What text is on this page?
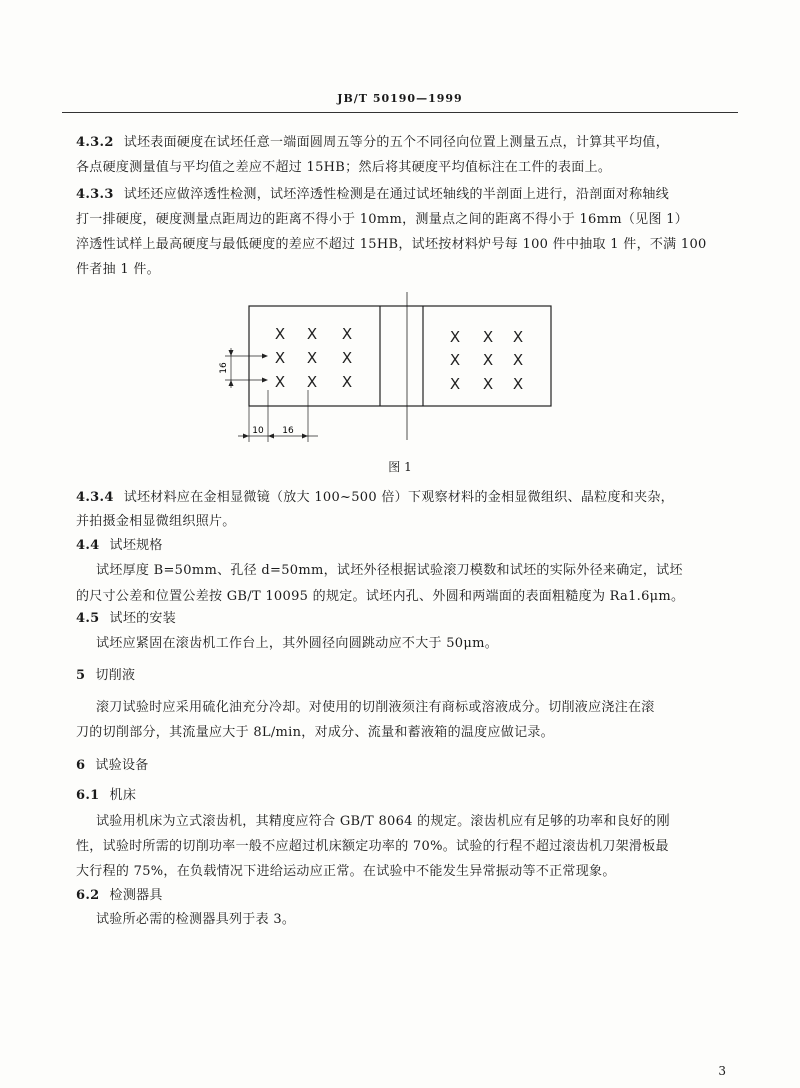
JB/T 50190—1999
4.3.2 试坯表面硬度在试坯任意一端面圆周五等分的五个不同径向位置上测量五点，计算其平均值，
各点硬度测量值与平均值之差应不超过 15HB；然后将其硬度平均值标注在工件的表面上。
4.3.3 试坯还应做淬透性检测，试坯淬透性检测是在通过试坯轴线的半剖面上进行，沿剖面对称轴线
打一排硬度，硬度测量点距周边的距离不得小于 10mm，测量点之间的距离不得小于 16mm（见图 1）
淬透性试样上最高硬度与最低硬度的差应不超过 15HB，试坯按材料炉号每 100 件中抽取 1 件，不满 100
件者抽 1 件。
16
10 16
X X X
X X X
X X X
X X X
X X X
X X X
图 1
4.3.4 试坯材料应在金相显微镜（放大 100~500 倍）下观察材料的金相显微组织、晶粒度和夹杂，
并拍摄金相显微组织照片。
4.4 试坯规格
试坯厚度 B=50mm、孔径 d=50mm，试坯外径根据试验滚刀模数和试坯的实际外径来确定，试坯
的尺寸公差和位置公差按 GB/T 10095 的规定。试坯内孔、外圆和两端面的表面粗糙度为 Ra1.6μm。
4.5 试坯的安装
试坯应紧固在滚齿机工作台上，其外圆径向圆跳动应不大于 50μm。
5 切削液
滚刀试验时应采用硫化油充分冷却。对使用的切削液须注有商标或溶液成分。切削液应浇注在滚
刀的切削部分，其流量应大于 8L/min，对成分、流量和蓄液箱的温度应做记录。
6 试验设备
6.1 机床
试验用机床为立式滚齿机，其精度应符合 GB/T 8064 的规定。滚齿机应有足够的功率和良好的刚
性，试验时所需的切削功率一般不应超过机床额定功率的 70%。试验的行程不超过滚齿机刀架滑板最
大行程的 75%，在负载情况下进给运动应正常。在试验中不能发生异常振动等不正常现象。
6.2 检测器具
试验所必需的检测器具列于表 3。
3
